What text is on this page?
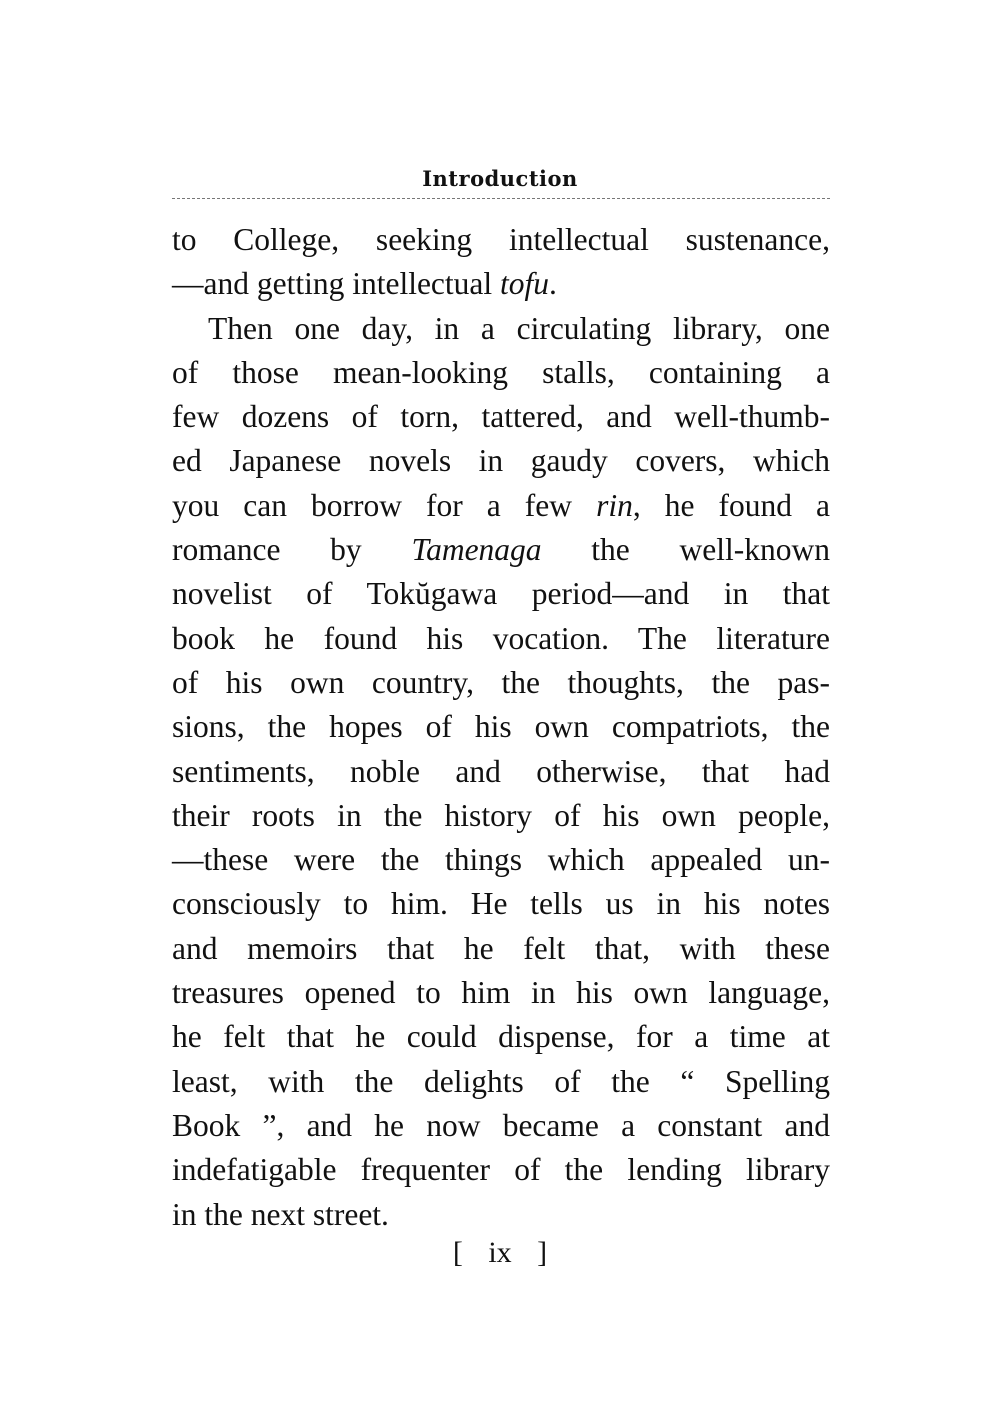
Introduction
to College, seeking intellectual sustenance,
—and getting intellectual tofu.
Then one day, in a circulating library, one
of those mean-looking stalls, containing a
few dozens of torn, tattered, and well-thumb-
ed Japanese novels in gaudy covers, which
you can borrow for a few rin, he found a
romance by Tamenaga the well-known
novelist of Tokŭgawa period—and in that
book he found his vocation. The literature
of his own country, the thoughts, the pas-
sions, the hopes of his own compatriots, the
sentiments, noble and otherwise, that had
their roots in the history of his own people,
—these were the things which appealed un-
consciously to him. He tells us in his notes
and memoirs that he felt that, with these
treasures opened to him in his own language,
he felt that he could dispense, for a time at
least, with the delights of the “ Spelling
Book ”, and he now became a constant and
indefatigable frequenter of the lending library
in the next street.
[ ix ]
